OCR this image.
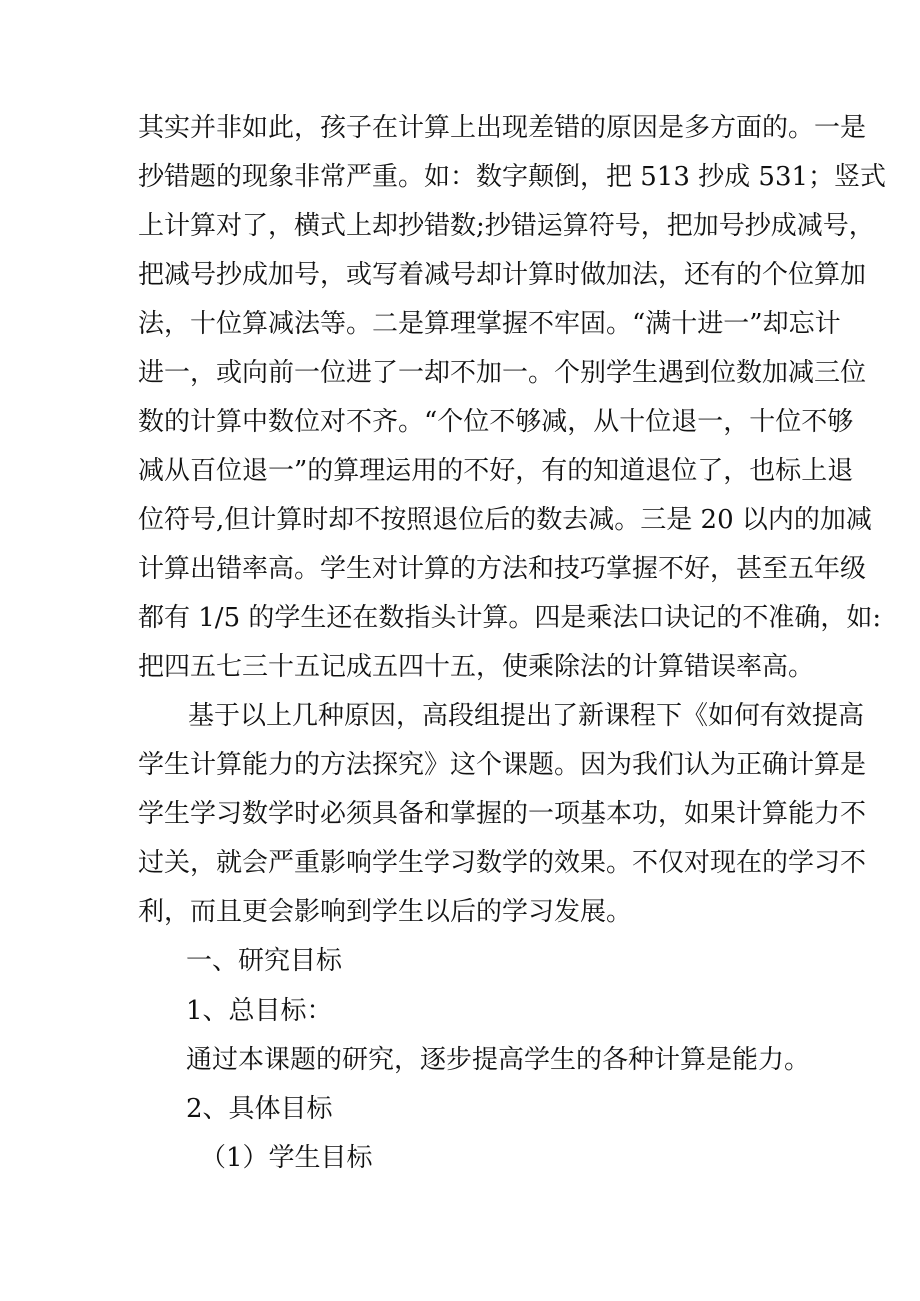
其实并非如此，孩子在计算上出现差错的原因是多方面的。一是
抄错题的现象非常严重。如：数字颠倒，把 513 抄成 531；竖式
上计算对了，横式上却抄错数;抄错运算符号，把加号抄成减号，
把减号抄成加号，或写着减号却计算时做加法，还有的个位算加
法，十位算减法等。二是算理掌握不牢固。“满十进一”却忘计
进一，或向前一位进了一却不加一。个别学生遇到位数加减三位
数的计算中数位对不齐。“个位不够减，从十位退一，十位不够
减从百位退一”的算理运用的不好，有的知道退位了，也标上退
位符号,但计算时却不按照退位后的数去减。三是 20 以内的加减
计算出错率高。学生对计算的方法和技巧掌握不好，甚至五年级
都有 1/5 的学生还在数指头计算。四是乘法口诀记的不准确，如:
把四五七三十五记成五四十五，使乘除法的计算错误率高。
基于以上几种原因，高段组提出了新课程下《如何有效提高
学生计算能力的方法探究》这个课题。因为我们认为正确计算是
学生学习数学时必须具备和掌握的一项基本功，如果计算能力不
过关，就会严重影响学生学习数学的效果。不仅对现在的学习不
利，而且更会影响到学生以后的学习发展。
一、研究目标
1、总目标：
通过本课题的研究，逐步提高学生的各种计算是能力。
2、具体目标
（1）学生目标
